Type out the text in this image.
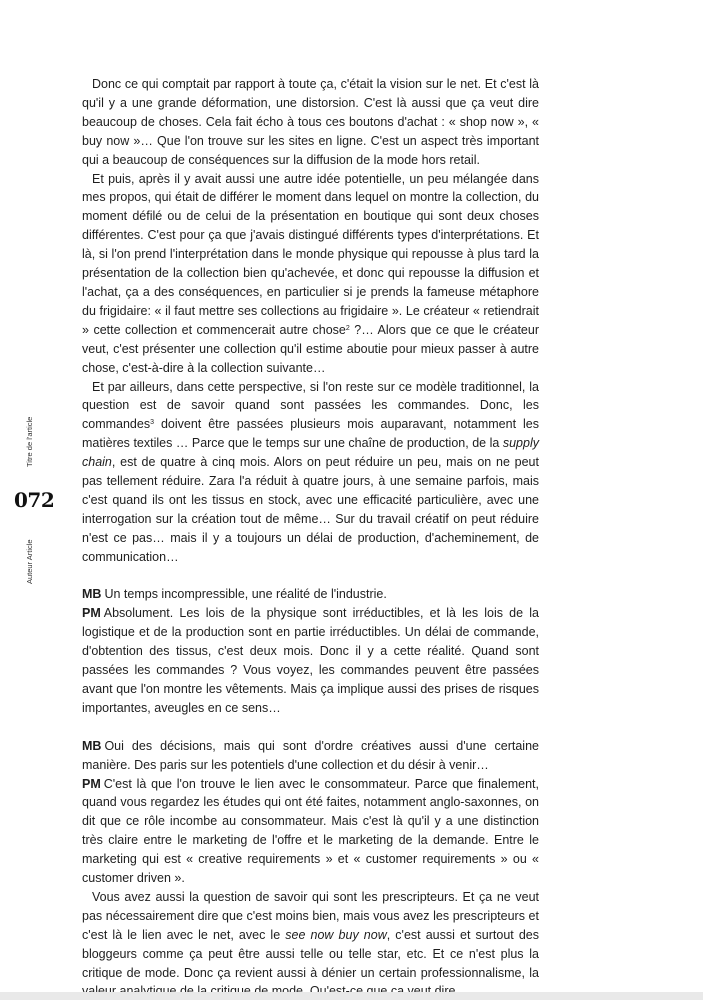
Titre de l'article
072
Auteur Article

Donc ce qui comptait par rapport à toute ça, c'était la vision sur le net. Et c'est là qu'il y a une grande déformation, une distorsion. C'est là aussi que ça veut dire beaucoup de choses. Cela fait écho à tous ces boutons d'achat : « shop now », « buy now »… Que l'on trouve sur les sites en ligne. C'est un aspect très important qui a beaucoup de conséquences sur la diffusion de la mode hors retail.

Et puis, après il y avait aussi une autre idée potentielle, un peu mélangée dans mes propos, qui était de différer le moment dans lequel on montre la collection, du moment défilé ou de celui de la présentation en boutique qui sont deux choses différentes. C'est pour ça que j'avais distingué différents types d'interprétations. Et là, si l'on prend l'interprétation dans le monde physique qui repousse à plus tard la présentation de la collection bien qu'achevée, et donc qui repousse la diffusion et l'achat, ça a des conséquences, en particulier si je prends la fameuse métaphore du frigidaire: « il faut mettre ses collections au frigidaire ». Le créateur « retiendrait » cette collection et commencerait autre chose$^2$ ?… Alors que ce que le créateur veut, c'est présenter une collection qu'il estime aboutie pour mieux passer à autre chose, c'est-à-dire à la collection suivante…

Et par ailleurs, dans cette perspective, si l'on reste sur ce modèle traditionnel, la question est de savoir quand sont passées les commandes. Donc, les commandes$^3$ doivent être passées plusieurs mois auparavant, notamment les matières textiles … Parce que le temps sur une chaîne de production, de la supply chain, est de quatre à cinq mois. Alors on peut réduire un peu, mais on ne peut pas tellement réduire. Zara l'a réduit à quatre jours, à une semaine parfois, mais c'est quand ils ont les tissus en stock, avec une efficacité particulière, avec une interrogation sur la création tout de même… Sur du travail créatif on peut réduire n'est ce pas… mais il y a toujours un délai de production, d'acheminement, de communication…

MB Un temps incompressible, une réalité de l'industrie.

PM Absolument. Les lois de la physique sont irréductibles, et là les lois de la logistique et de la production sont en partie irréductibles. Un délai de commande, d'obtention des tissus, c'est deux mois. Donc il y a cette réalité. Quand sont passées les commandes ? Vous voyez, les commandes peuvent être passées avant que l'on montre les vêtements. Mais ça implique aussi des prises de risques importantes, aveugles en ce sens…

MB Oui des décisions, mais qui sont d'ordre créatives aussi d'une certaine manière. Des paris sur les potentiels d'une collection et du désir à venir…

PM C'est là que l'on trouve le lien avec le consommateur. Parce que finalement, quand vous regardez les études qui ont été faites, notamment anglo-saxonnes, on dit que ce rôle incombe au consommateur. Mais c'est là qu'il y a une distinction très claire entre le marketing de l'offre et le marketing de la demande. Entre le marketing qui est « creative requirements » et « customer requirements » ou « customer driven ».

Vous avez aussi la question de savoir qui sont les prescripteurs. Et ça ne veut pas nécessairement dire que c'est moins bien, mais vous avez les prescripteurs et c'est là le lien avec le net, avec le see now buy now, c'est aussi et surtout des bloggeurs comme ça peut être aussi telle ou telle star, etc. Et ce n'est plus la critique de mode. Donc ça revient aussi à dénier un certain professionnalisme, la
